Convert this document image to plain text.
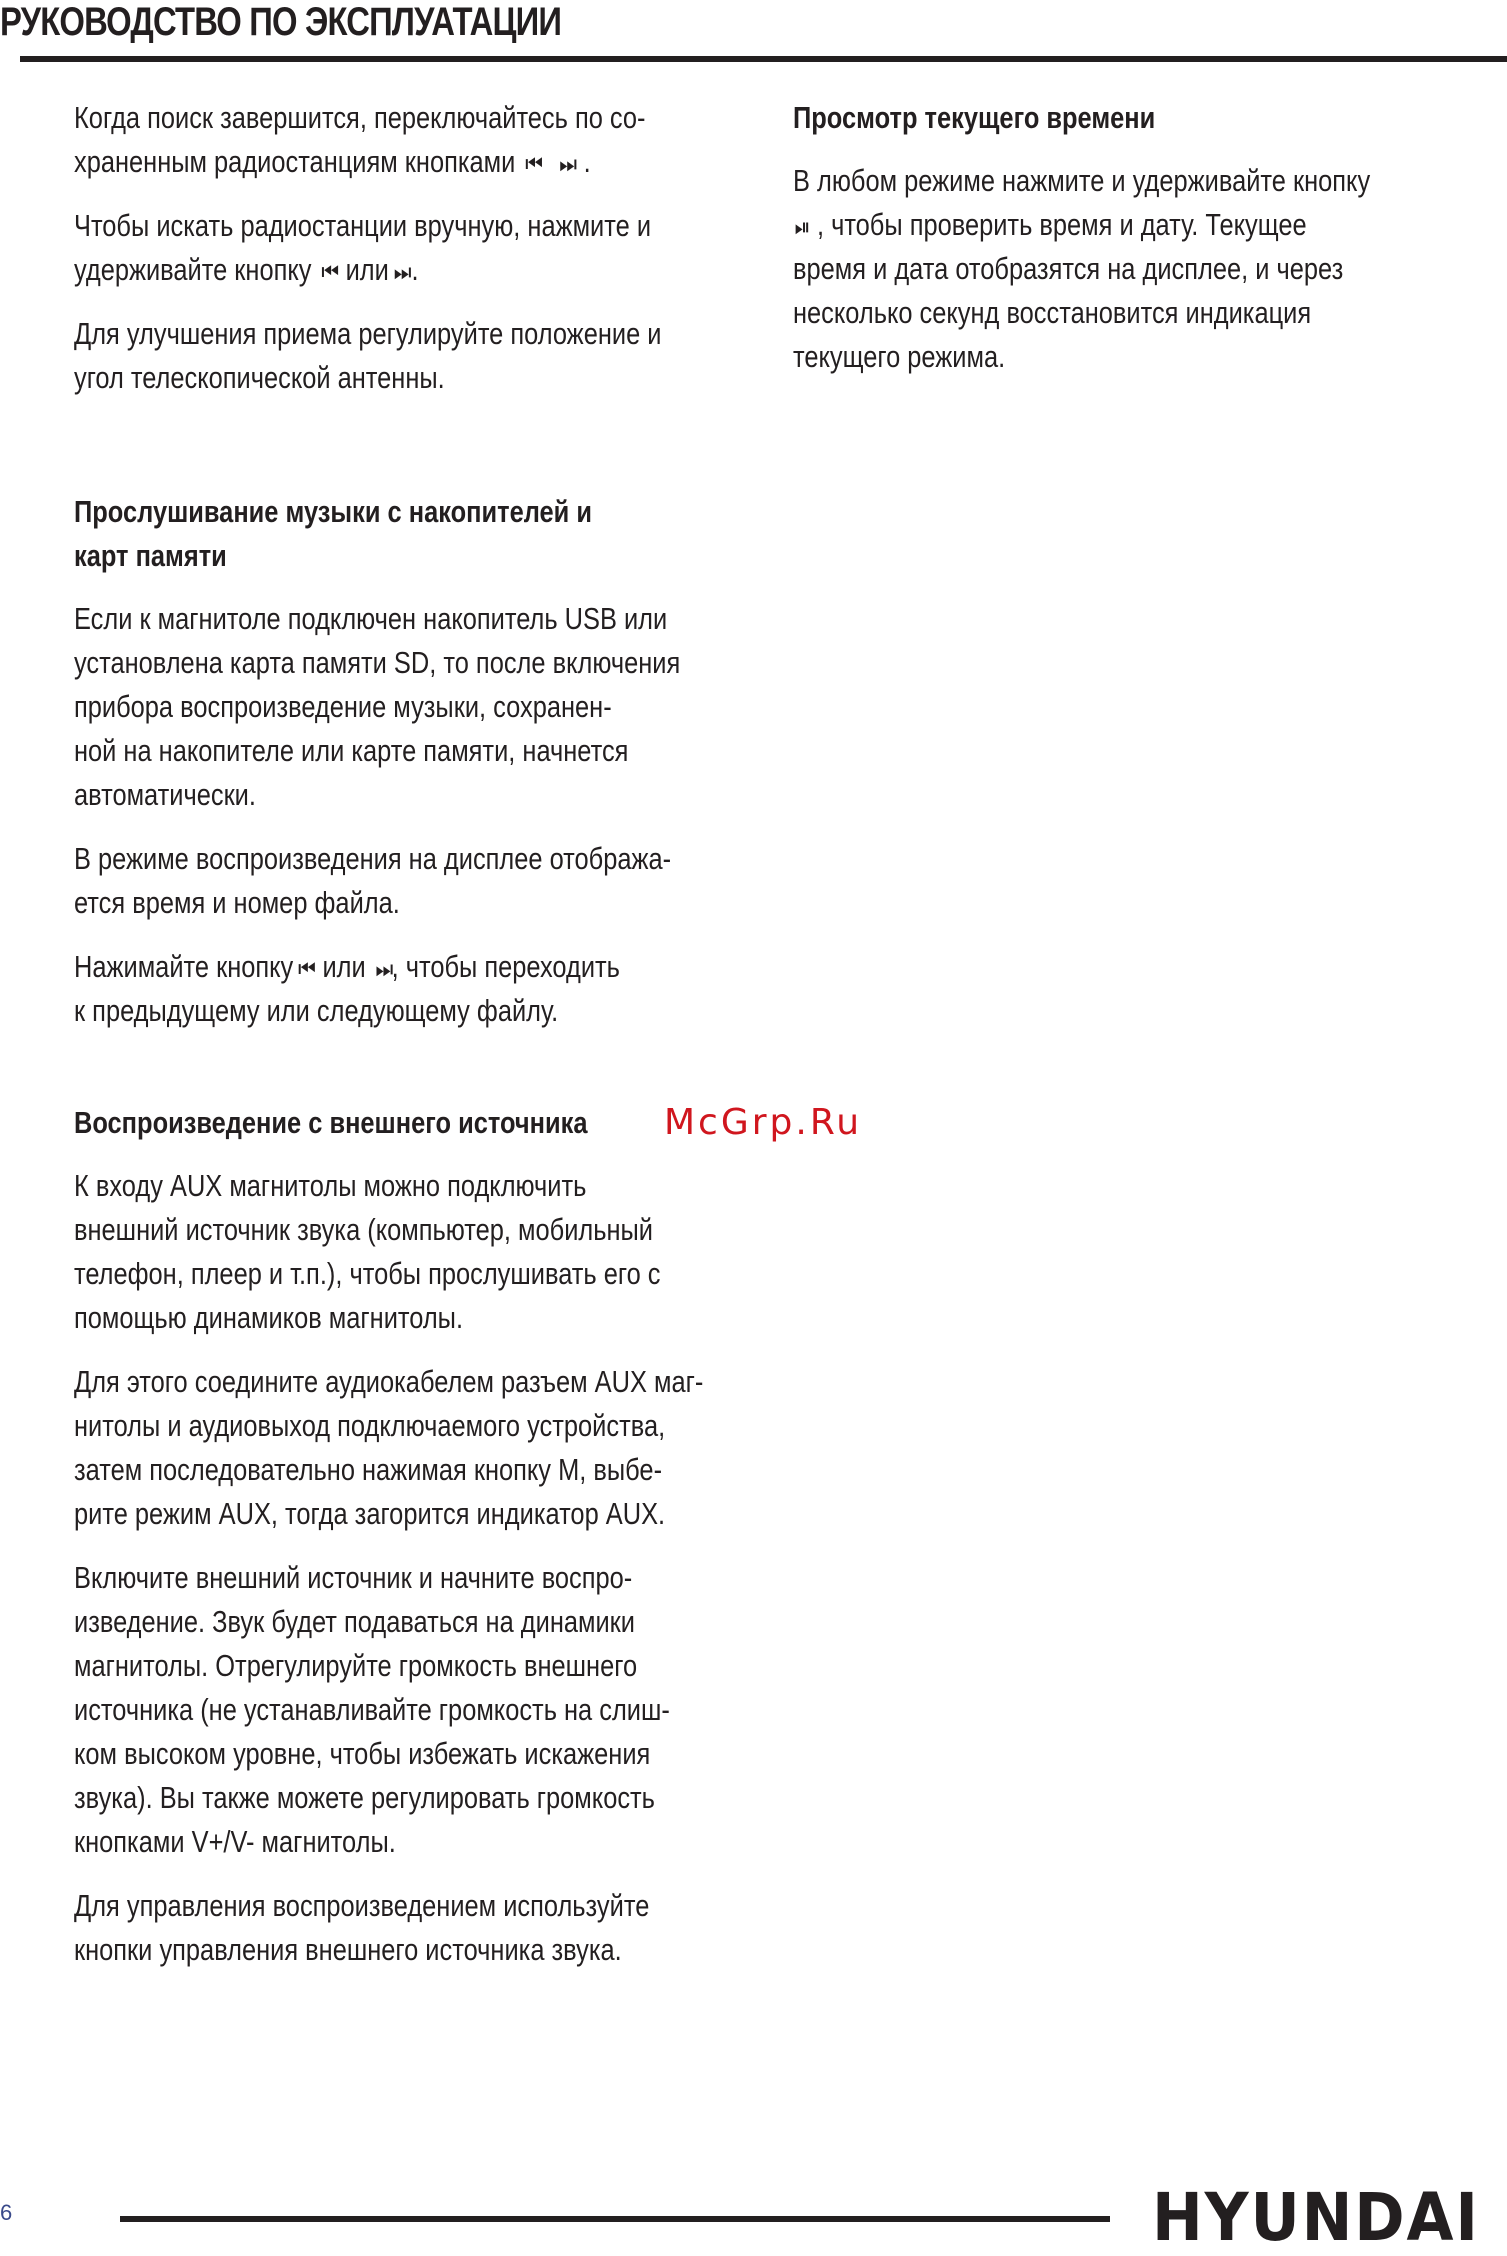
РУКОВОДСТВО ПО ЭКСПЛУАТАЦИИ
Когда поиск завершится, переключайтесь по со-
храненным радиостанциям кнопками ⏮ ⏭ .
Чтобы искать радиостанции вручную, нажмите и
удерживайте кнопку ⏮ или ⏭ .
Для улучшения приема регулируйте положение и
угол телескопической антенны.
Прослушивание музыки с накопителей и
карт памяти
Если к магнитоле подключен накопитель USB или
установлена карта памяти SD, то после включения
прибора воспроизведение музыки, сохранен-
ной на накопителе или карте памяти, начнется
автоматически.
В режиме воспроизведения на дисплее отобража-
ется время и номер файла.
Нажимайте кнопку ⏮ или ⏭, чтобы переходить
к предыдущему или следующему файлу.
Воспроизведение с внешнего источника
К входу AUX магнитолы можно подключить
внешний источник звука (компьютер, мобильный
телефон, плеер и т.п.), чтобы прослушивать его с
помощью динамиков магнитолы.
Для этого соедините аудиокабелем разъем AUX маг-
нитолы и аудиовыход подключаемого устройства,
затем последовательно нажимая кнопку M, выбе-
рите режим AUX, тогда загорится индикатор AUX.
Включите внешний источник и начните воспро-
изведение. Звук будет подаваться на динамики
магнитолы. Отрегулируйте громкость внешнего
источника (не устанавливайте громкость на слиш-
ком высоком уровне, чтобы избежать искажения
звука). Вы также можете регулировать громкость
кнопками V+/V- магнитолы.
Для управления воспроизведением используйте
кнопки управления внешнего источника звука.
Просмотр текущего времени
В любом режиме нажмите и удерживайте кнопку
⏯ , чтобы проверить время и дату. Текущее
время и дата отобразятся на дисплее, и через
несколько секунд восстановится индикация
текущего режима.
McGrp.Ru
6	HYUNDAI
